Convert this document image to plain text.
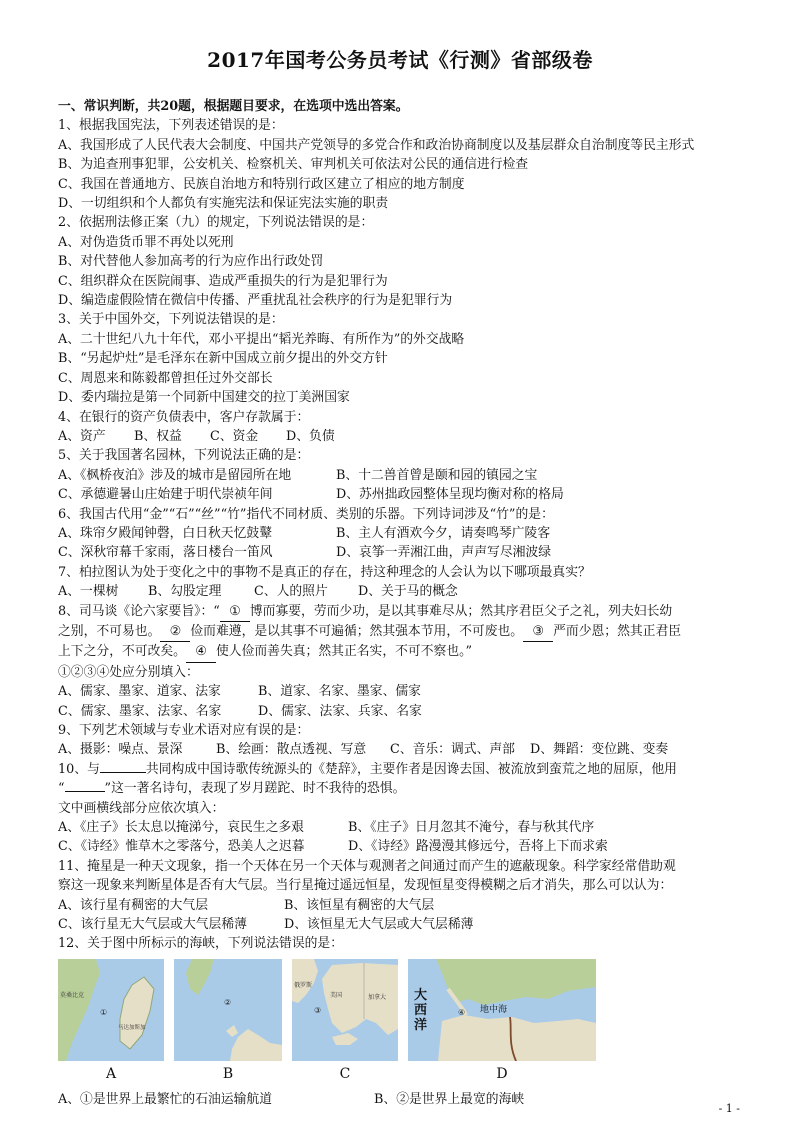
2017年国考公务员考试《行测》省部级卷
一、常识判断，共20题，根据题目要求，在选项中选出答案。
1、根据我国宪法，下列表述错误的是：
A、我国形成了人民代表大会制度、中国共产党领导的多党合作和政治协商制度以及基层群众自治制度等民主形式
B、为追查刑事犯罪，公安机关、检察机关、审判机关可依法对公民的通信进行检查
C、我国在普通地方、民族自治地方和特别行政区建立了相应的地方制度
D、一切组织和个人都负有实施宪法和保证宪法实施的职责
2、依据刑法修正案（九）的规定，下列说法错误的是：
A、对伪造货币罪不再处以死刑
B、对代替他人参加高考的行为应作出行政处罚
C、组织群众在医院闹事、造成严重损失的行为是犯罪行为
D、编造虚假险情在微信中传播、严重扰乱社会秩序的行为是犯罪行为
3、关于中国外交，下列说法错误的是：
A、二十世纪八九十年代，邓小平提出“韬光养晦、有所作为”的外交战略
B、“另起炉灶”是毛泽东在新中国成立前夕提出的外交方针
C、周恩来和陈毅都曾担任过外交部长
D、委内瑞拉是第一个同新中国建交的拉丁美洲国家
4、在银行的资产负债表中，客户存款属于：
A、资产	B、权益	C、资金	D、负债
5、关于我国著名园林，下列说法正确的是：
A、《枫桥夜泊》涉及的城市是留园所在地	B、十二兽首曾是颐和园的镇园之宝
C、承德避暑山庄始建于明代崇祯年间	D、苏州拙政园整体呈现均衡对称的格局
6、我国古代用“金”“石”“丝”“竹”指代不同材质、类别的乐器。下列诗词涉及“竹”的是：
A、珠帘夕殿闻钟磬，白日秋天忆鼓鼙	B、主人有酒欢今夕，请奏鸣琴广陵客
C、深秋帘幕千家雨，落日楼台一笛风	D、哀筝一弄湘江曲，声声写尽湘波绿
7、柏拉图认为处于变化之中的事物不是真正的存在，持这种理念的人会认为以下哪项最真实？
A、一棵树	B、勾股定理	C、人的照片	D、关于马的概念
8、司马谈《论六家要旨》：“ ① 博而寡要，劳而少功，是以其事难尽从；然其序君臣父子之礼，列夫妇长幼
之别，不可易也。 ② 俭而难遵，是以其事不可遍循；然其强本节用，不可废也。 ③ 严而少恩；然其正君臣
上下之分，不可改矣。 ④ 使人俭而善失真；然其正名实，不可不察也。”
①②③④处应分别填入：
A、儒家、墨家、道家、法家	B、道家、名家、墨家、儒家
C、儒家、墨家、法家、名家	D、儒家、法家、兵家、名家
9、下列艺术领域与专业术语对应有误的是：
A、摄影：噪点、景深	B、绘画：散点透视、写意	C、音乐：调式、声部	D、舞蹈：变位跳、变奏
10、与	共同构成中国诗歌传统源头的《楚辞》，主要作者是因谗去国、被流放到蛮荒之地的屈原，他用
“	”这一著名诗句，表现了岁月蹉跎、时不我待的恐惧。
文中画横线部分应依次填入：
A、《庄子》长太息以掩涕兮，哀民生之多艰	B、《庄子》日月忽其不淹兮，春与秋其代序
C、《诗经》惟草木之零落兮，恐美人之迟暮	D、《诗经》路漫漫其修远兮，吾将上下而求索
11、掩星是一种天文现象，指一个天体在另一个天体与观测者之间通过而产生的遮蔽现象。科学家经常借助观
察这一现象来判断星体是否有大气层。当行星掩过遥远恒星，发现恒星变得模糊之后才消失，那么可以认为：
A、该行星有稠密的大气层	B、该恒星有稠密的大气层
C、该行星无大气层或大气层稀薄	D、该恒星无大气层或大气层稀薄
12、关于图中所标示的海峡，下列说法错误的是：
莫桑比克
①
马达加斯加
②
俄罗斯
美国	加拿大
③
大
西
洋
④ 地中海
A	B	C	D
A、①是世界上最繁忙的石油运输航道	B、②是世界上最宽的海峡
- 1 -
